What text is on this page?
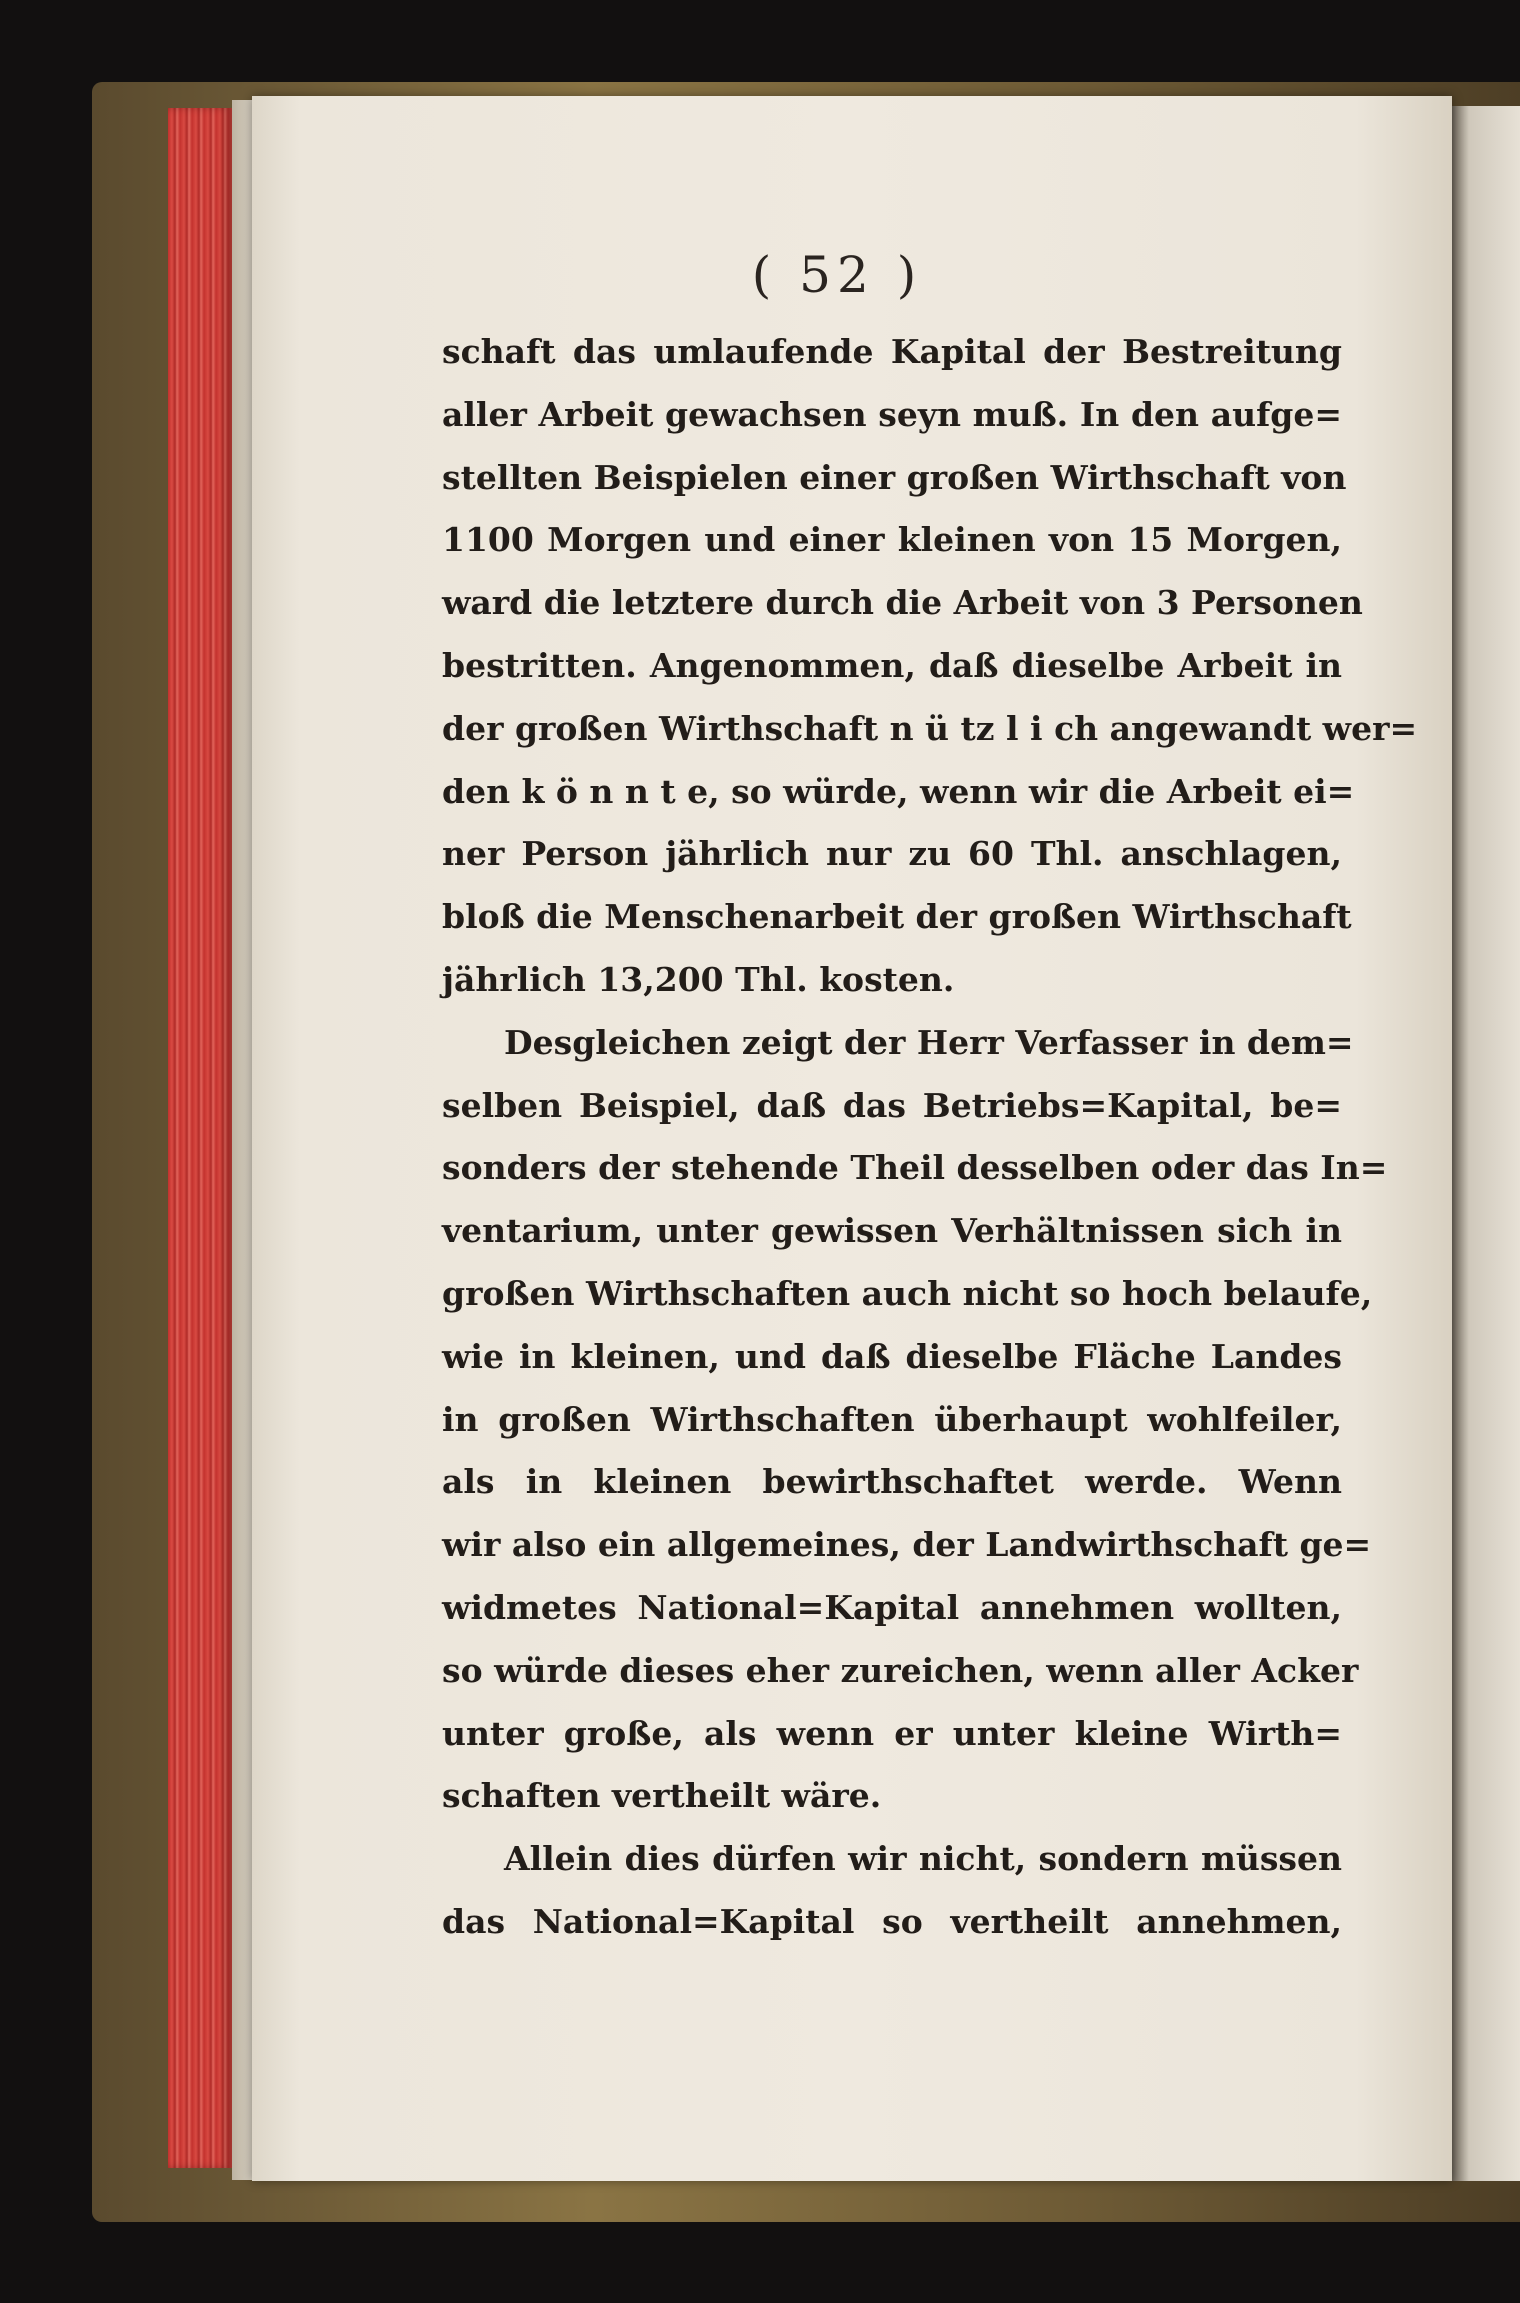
( 52 )
schaft das umlaufende Kapital der Bestreitung
aller Arbeit gewachsen seyn muß. In den aufge=
stellten Beispielen einer großen Wirthschaft von
1100 Morgen und einer kleinen von 15 Morgen,
ward die letztere durch die Arbeit von 3 Personen
bestritten. Angenommen, daß dieselbe Arbeit in
der großen Wirthschaft n ü tz l i ch angewandt wer=
den k ö n n t e, so würde, wenn wir die Arbeit ei=
ner Person jährlich nur zu 60 Thl. anschlagen,
bloß die Menschenarbeit der großen Wirthschaft
jährlich 13,200 Thl. kosten.
Desgleichen zeigt der Herr Verfasser in dem=
selben Beispiel, daß das Betriebs=Kapital, be=
sonders der stehende Theil desselben oder das In=
ventarium, unter gewissen Verhältnissen sich in
großen Wirthschaften auch nicht so hoch belaufe,
wie in kleinen, und daß dieselbe Fläche Landes
in großen Wirthschaften überhaupt wohlfeiler,
als in kleinen bewirthschaftet werde. Wenn
wir also ein allgemeines, der Landwirthschaft ge=
widmetes National=Kapital annehmen wollten,
so würde dieses eher zureichen, wenn aller Acker
unter große, als wenn er unter kleine Wirth=
schaften vertheilt wäre.
Allein dies dürfen wir nicht, sondern müssen
das National=Kapital so vertheilt annehmen,
